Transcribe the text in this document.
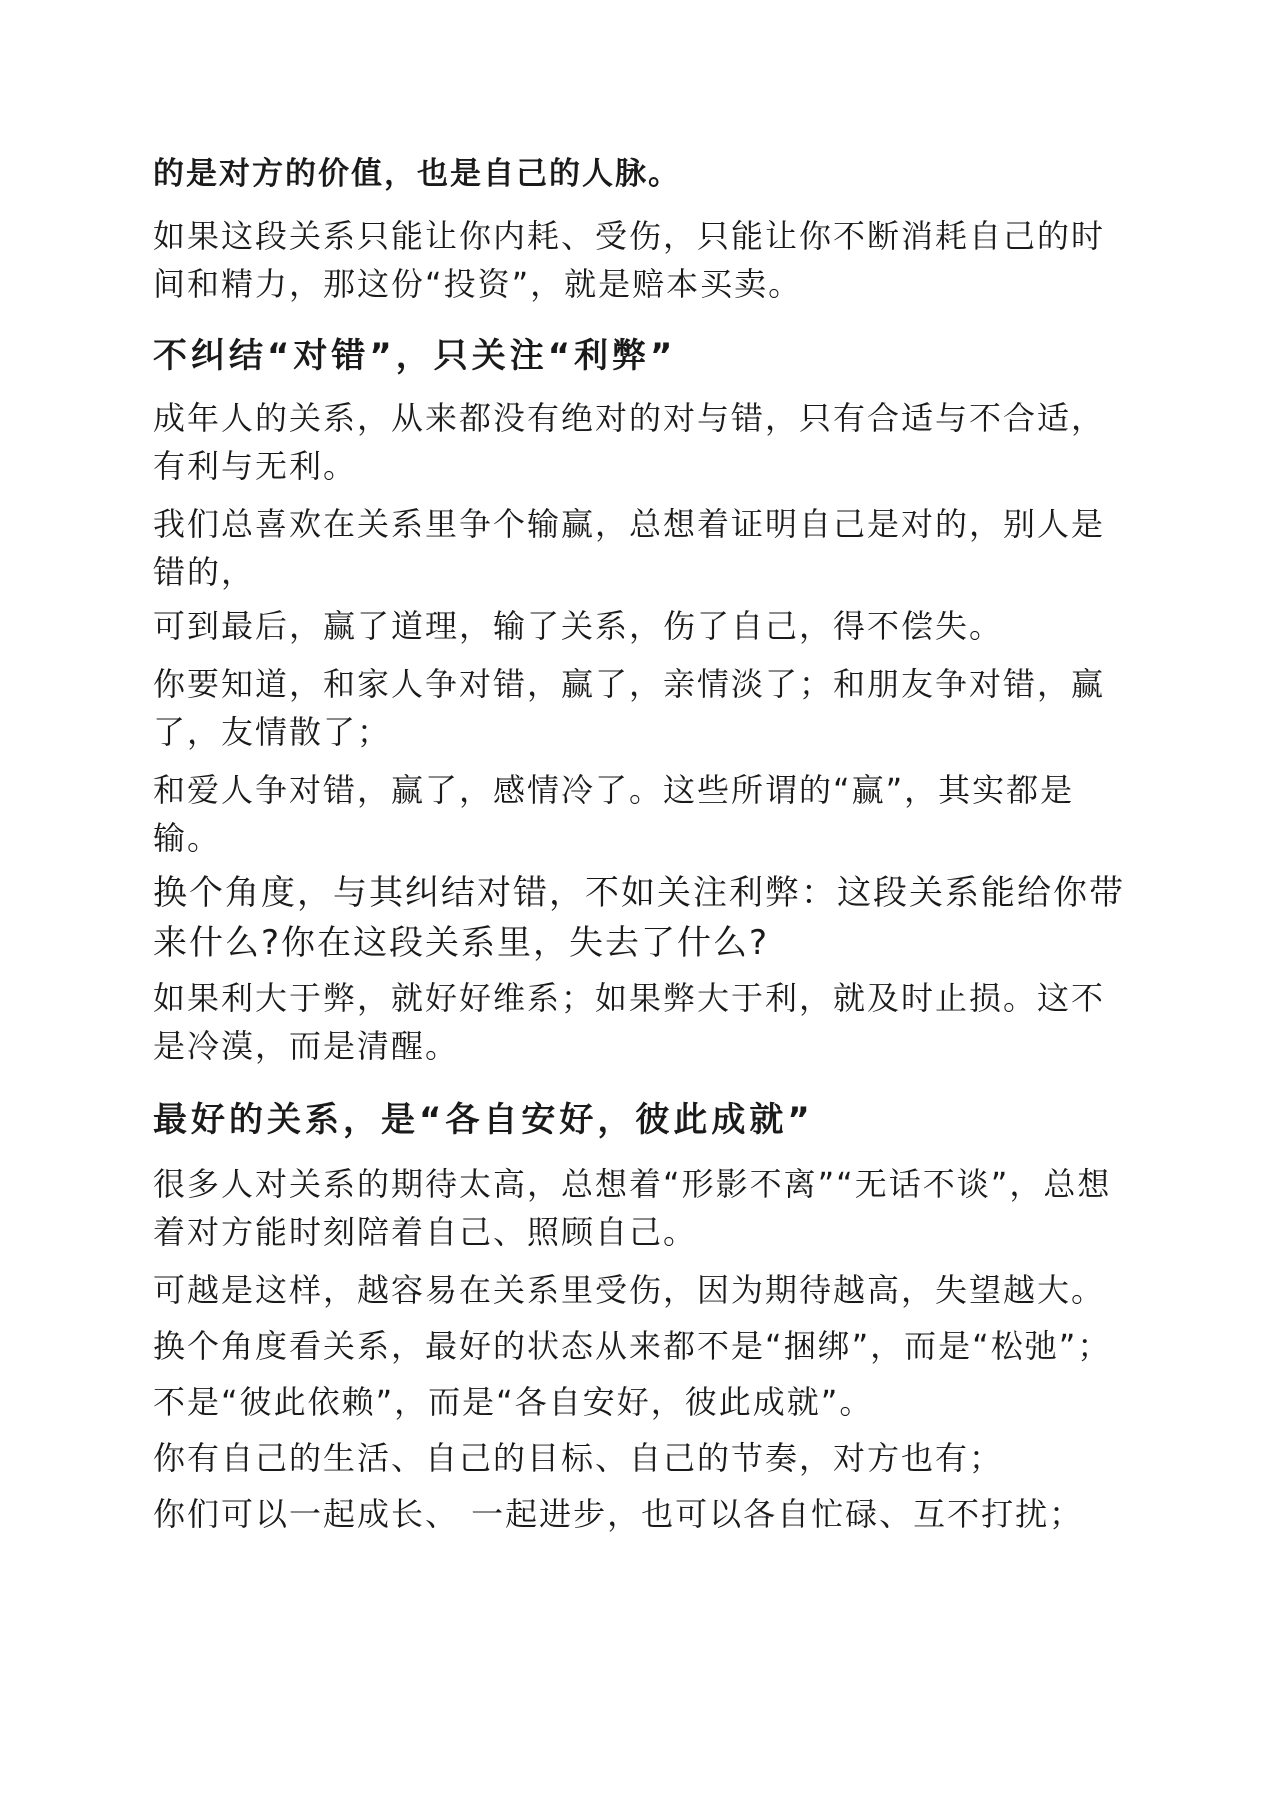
的是对方的价值，也是自己的人脉。
如果这段关系只能让你内耗、受伤，只能让你不断消耗自己的时
间和精力，那这份“投资”，就是赔本买卖。
不纠结“对错”，只关注“利弊”
成年人的关系，从来都没有绝对的对与错，只有合适与不合适，
有利与无利。
我们总喜欢在关系里争个输赢，总想着证明自己是对的，别人是
错的，
可到最后，赢了道理，输了关系，伤了自己，得不偿失。
你要知道，和家人争对错，赢了，亲情淡了；和朋友争对错，赢
了，友情散了；
和爱人争对错，赢了，感情冷了。这些所谓的“赢”，其实都是
输。
换个角度，与其纠结对错，不如关注利弊：这段关系能给你带
来什么?你在这段关系里，失去了什么?
如果利大于弊，就好好维系；如果弊大于利，就及时止损。这不
是冷漠，而是清醒。
最好的关系，是“各自安好，彼此成就”
很多人对关系的期待太高，总想着“形影不离”“无话不谈”，总想
着对方能时刻陪着自己、照顾自己。
可越是这样，越容易在关系里受伤，因为期待越高，失望越大。
换个角度看关系，最好的状态从来都不是“捆绑”，而是“松弛”；
不是“彼此依赖”，而是“各自安好，彼此成就”。
你有自己的生活、自己的目标、自己的节奏，对方也有；
你们可以一起成长、 一起进步，也可以各自忙碌、互不打扰；
